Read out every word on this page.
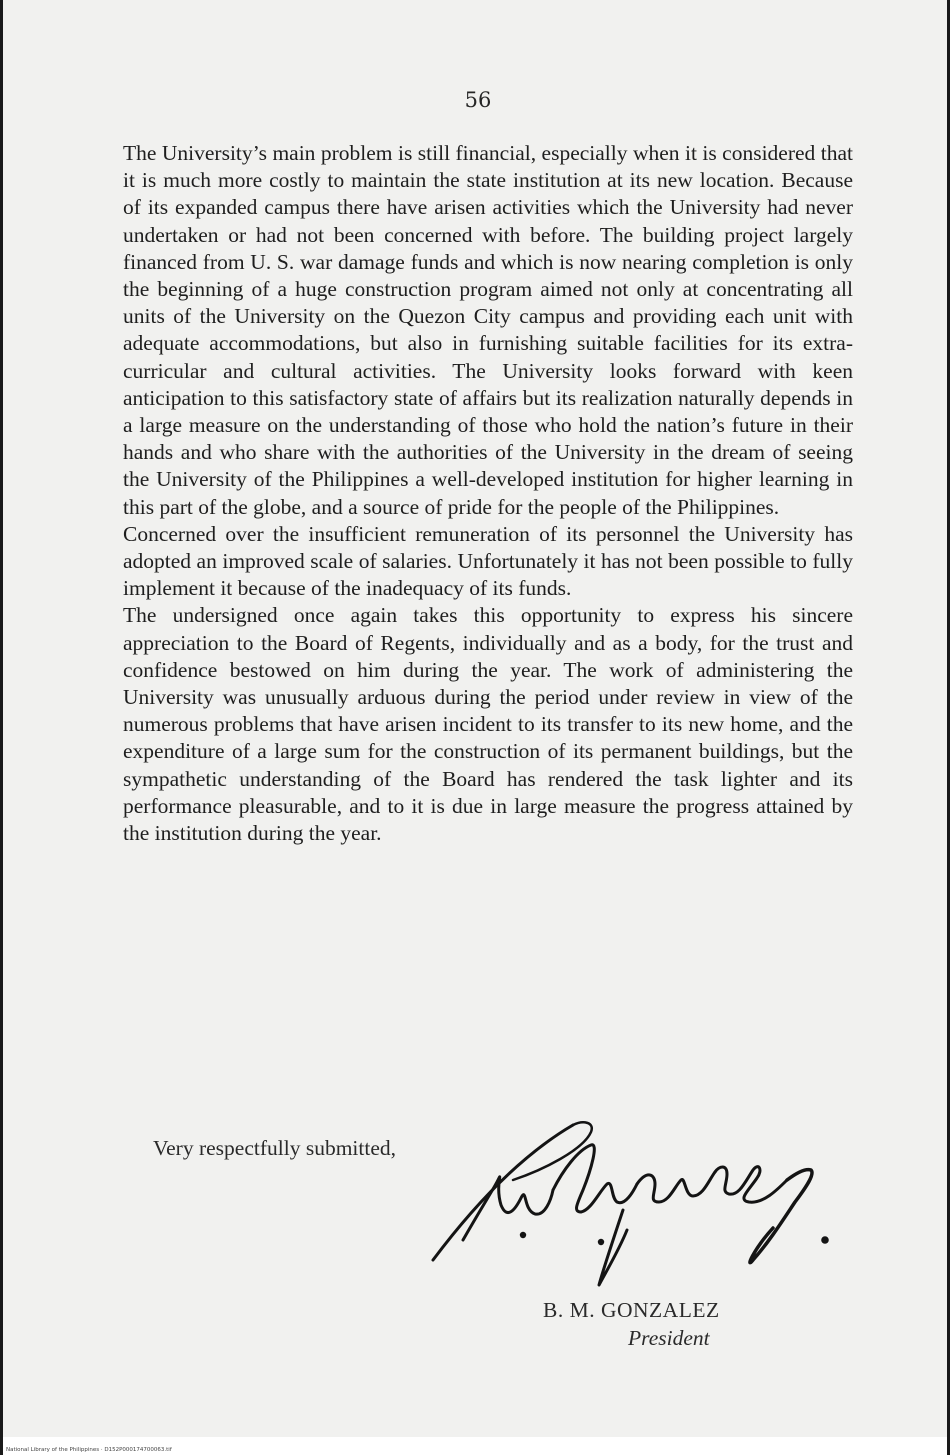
56

The University’s main problem is still financial, especially when it is considered that it is much more costly to maintain the state institution at its new location. Because of its expanded campus there have arisen activities which the University had never undertaken or had not been concerned with before. The building project largely financed from U. S. war damage funds and which is now nearing completion is only the beginning of a huge construction program aimed not only at concentrating all units of the University on the Quezon City campus and providing each unit with adequate accommodations, but also in furnishing suitable facilities for its extra-curricular and cultural activities. The University looks forward with keen anticipation to this satisfactory state of affairs but its realization naturally depends in a large measure on the understanding of those who hold the nation’s future in their hands and who share with the authorities of the University in the dream of seeing the University of the Philippines a well-developed institution for higher learning in this part of the globe, and a source of pride for the people of the Philippines.

Concerned over the insufficient remuneration of its personnel the University has adopted an improved scale of salaries. Unfortunately it has not been possible to fully implement it because of the inadequacy of its funds.

The undersigned once again takes this opportunity to express his sincere appreciation to the Board of Regents, individually and as a body, for the trust and confidence bestowed on him during the year. The work of administering the University was unusually arduous during the period under review in view of the numerous problems that have arisen incident to its transfer to its new home, and the expenditure of a large sum for the construction of its permanent buildings, but the sympathetic understanding of the Board has rendered the task lighter and its performance pleasurable, and to it is due in large measure the progress attained by the institution during the year.

Very respectfully submitted,
B. M. GONZALEZ
President
National Library of the Philippines · D152P000174700063.tif
